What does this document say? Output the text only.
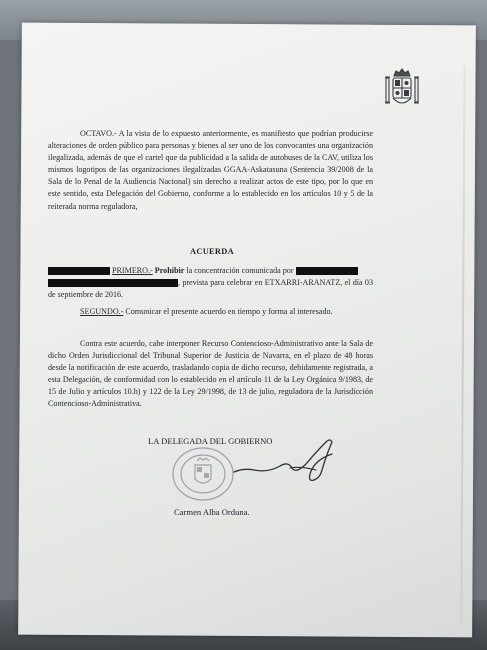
OCTAVO.- A la vista de lo expuesto anteriormente, es manifiesto que podrían producirse alteraciones de orden público para personas y bienes al ser uno de los convocantes una organización ilegalizada, además de que el cartel que da publicidad a la salida de autobuses de la CAV, utiliza los mismos logotipos de las organizaciones ilegalizadas GGAA-Askatasuna (Sentencia 39/2008 de la Sala de lo Penal de la Audiencia Nacional) sin derecho a realizar actos de este tipo, por lo que en este sentido, esta Delegación del Gobierno, conforme a lo establecido en los artículos 10 y 5 de la reiterada norma reguladora,
ACUERDA
PRIMERO.- Prohibir la concentración comunicada por
, prevista para celebrar en ETXARRI-ARANATZ, el día 03 de septiembre de 2016.
SEGUNDO.- Comunicar el presente acuerdo en tiempo y forma al interesado.
Contra este acuerdo, cabe interponer Recurso Contencioso-Administrativo ante la Sala de dicho Orden Jurisdiccional del Tribunal Superior de Justicia de Navarra, en el plazo de 48 horas desde la notificación de este acuerdo, trasladando copia de dicho recurso, debidamente registrada, a esta Delegación, de conformidad con lo establecido en el artículo 11 de la Ley Orgánica 9/1983, de 15 de Julio y artículos 10.h) y 122 de la Ley 29/1998, de 13 de julio, reguladora de la Jurisdicción Contencioso-Administrativa.
LA DELEGADA DEL GOBIERNO
Carmen Alba Orduna.
